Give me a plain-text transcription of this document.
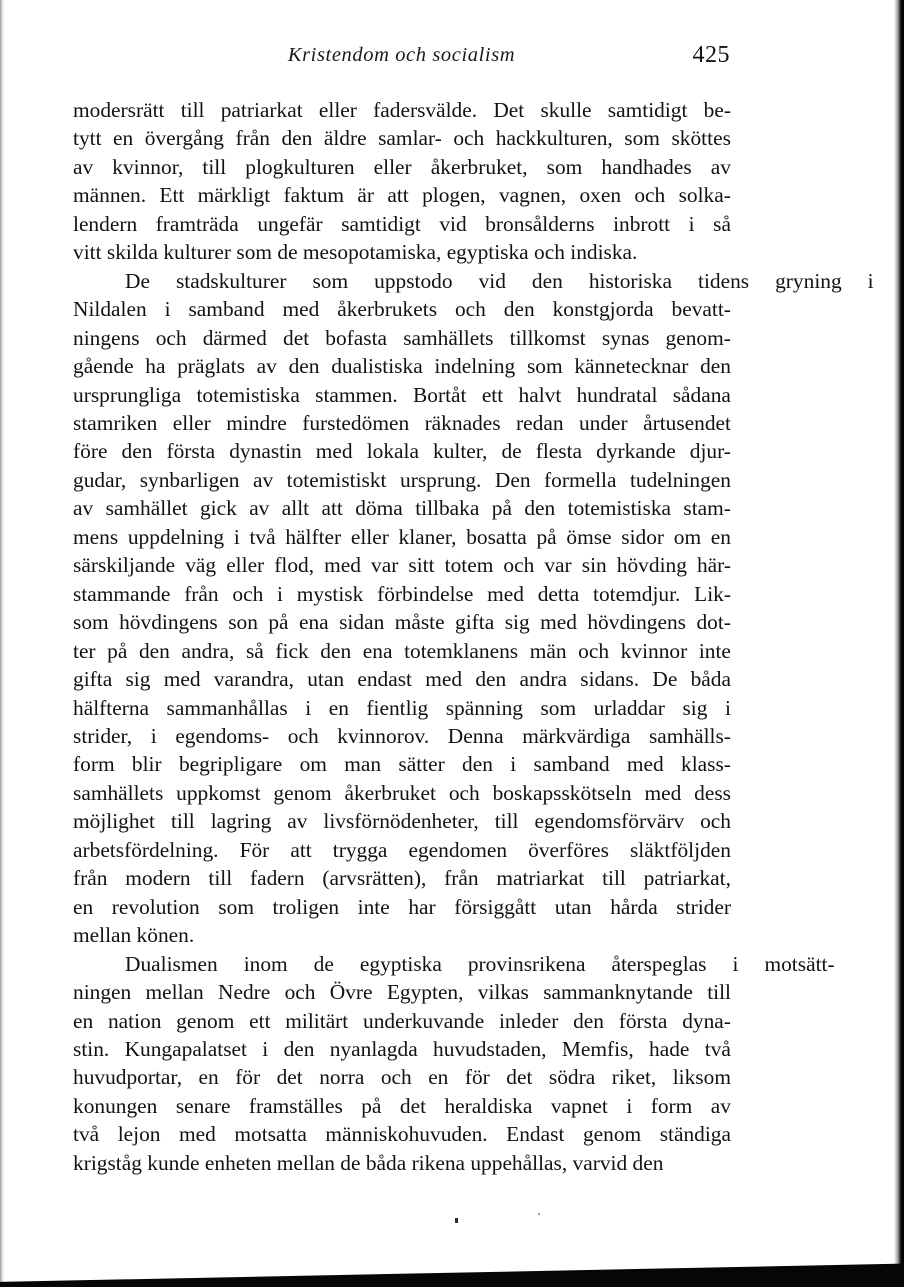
Kristendom och socialism	425

modersrätt till patriarkat eller fadersvälde. Det skulle samtidigt be-
tytt en övergång från den äldre samlar- och hackkulturen, som sköttes
av kvinnor, till plogkulturen eller åkerbruket, som handhades av
männen. Ett märkligt faktum är att plogen, vagnen, oxen och solka-
lendern framträda ungefär samtidigt vid bronsålderns inbrott i så
vitt skilda kulturer som de mesopotamiska, egyptiska och indiska.

De	stadskulturer	som	uppstodo	vid	den	historiska	tidens	gryning	i
Nildalen i samband med åkerbrukets och den konstgjorda bevatt-
ningens och därmed det bofasta samhällets tillkomst synas genom-
gående ha präglats av den dualistiska indelning som kännetecknar den
ursprungliga totemistiska stammen. Bortåt ett halvt hundratal sådana
stamriken eller mindre furstedömen räknades redan under årtusendet
före den första dynastin med lokala kulter, de flesta dyrkande djur-
gudar, synbarligen av totemistiskt ursprung. Den formella tudelningen
av samhället gick av allt att döma tillbaka på den totemistiska stam-
mens uppdelning i två hälfter eller klaner, bosatta på ömse sidor om en
särskiljande väg eller flod, med var sitt totem och var sin hövding här-
stammande från och i mystisk förbindelse med detta totemdjur. Lik-
som hövdingens son på ena sidan måste gifta sig med hövdingens dot-
ter på den andra, så fick den ena totemklanens män och kvinnor inte
gifta sig med varandra, utan endast med den andra sidans. De båda
hälfterna sammanhållas i en fientlig spänning som urladdar sig i
strider, i egendoms- och kvinnorov. Denna märkvärdiga samhälls-
form blir begripligare om man sätter den i samband med klass-
samhällets uppkomst genom åkerbruket och boskapsskötseln med dess
möjlighet till lagring av livsförnödenheter, till egendomsförvärv och
arbetsfördelning. För att trygga egendomen överföres släktföljden
från modern till fadern (arvsrätten), från matriarkat till patriarkat,
en revolution som troligen inte har försiggått utan hårda strider
mellan könen.

Dualismen	inom	de	egyptiska	provinsrikena	återspeglas	i	motsätt-
ningen mellan Nedre och Övre Egypten, vilkas sammanknytande till
en nation genom ett militärt underkuvande inleder den första dyna-
stin. Kungapalatset i den nyanlagda huvudstaden, Memfis, hade två
huvudportar, en för det norra och en för det södra riket, liksom
konungen senare framställes på det heraldiska vapnet i form av
två lejon med motsatta människohuvuden. Endast genom ständiga
krigståg kunde enheten mellan de båda rikena uppehållas, varvid den
